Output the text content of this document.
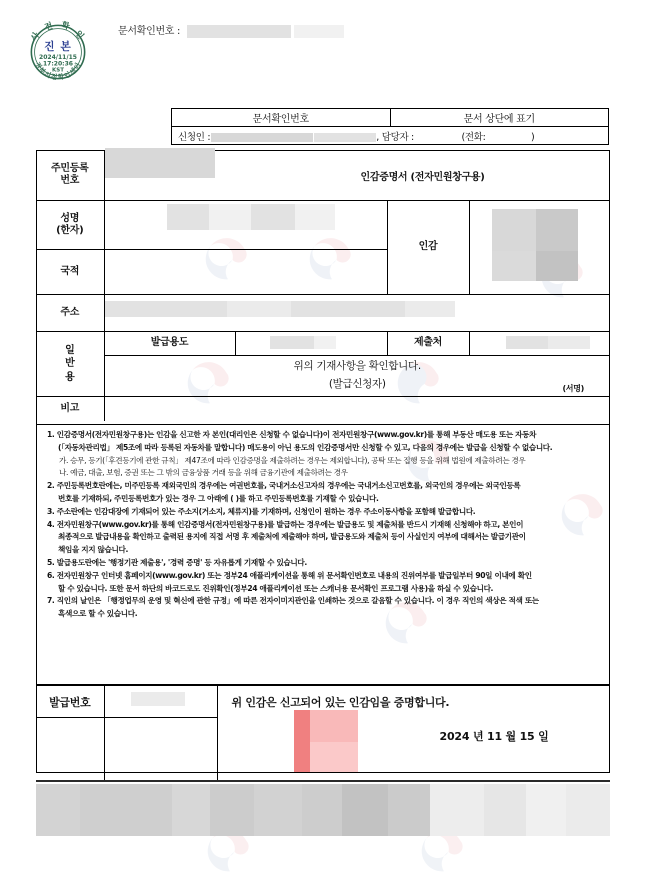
사 전 확 인
진 본
2024/11/15
17:20:36
KST
정부시점확인센터
문서확인번호 :
문서확인번호	문서 상단에 표기
신청인 :	, 담당자 :	(전화:	)
주민등록
번호		인감증명서 (전자민원창구용)		
성명
(한자)			인감	

국적				
주소				

일
반
용	발급용도		제출처	

	위의 기재사항을 확인합니다.
(발급신청자) (서명)			

비고				
1. 인감증명서(전자민원창구용)는 인감을 신고한 자 본인(대리인은 신청할 수 없습니다)이 전자민원창구(www.gov.kr)를 통해 부동산 매도용 또는 자동차
(「자동차관리법」 제5조에 따라 등록된 자동차를 말합니다) 매도용이 아닌 용도의 인감증명서만 신청할 수 있고, 다음의 경우에는 발급을 신청할 수 없습니다.
가. 승무, 등기(「후견등기에 관한 규칙」 제47조에 따라 인감증명을 제출하려는 경우는 제외합니다), 공탁 또는 집행 등을 위해 법원에 제출하려는 경우
나. 예금, 대출, 보험, 증권 또는 그 밖의 금융상품 거래 등을 위해 금융기관에 제출하려는 경우
2. 주민등록번호란에는, 미주민등록 재외국민의 경우에는 여권번호를, 국내거소신고자의 경우에는 국내거소신고번호를, 외국인의 경우에는 외국인등록
번호를 기재하되, 주민등록번호가 있는 경우 그 아래에 ( )를 하고 주민등록번호를 기재할 수 있습니다.
3. 주소란에는 인감대장에 기재되어 있는 주소지(거소지, 체류지)를 기재하며, 신청인이 원하는 경우 주소이동사항을 포함해 발급합니다.
4. 전자민원창구(www.gov.kr)를 통해 인감증명서(전자민원창구용)를 발급하는 경우에는 발급용도 및 제출처를 반드시 기재해 신청해야 하고, 본인이
최종적으로 발급내용을 확인하고 출력된 용지에 직접 서명 후 제출처에 제출해야 하며, 발급용도와 제출처 등이 사실인지 여부에 대해서는 발급기관이
책임을 지지 않습니다.
5. 발급용도란에는 '행정기관 제출용', '경력 증명' 등 자유롭게 기재할 수 있습니다.
6. 전자민원창구 인터넷 홈페이지(www.gov.kr) 또는 정부24 애플리케이션을 통해 위 문서확인번호로 내용의 진위여부를 발급일부터 90일 이내에 확인
할 수 있습니다. 또한 문서 하단의 바코드로도 진위확인(정부24 애플리케이션 또는 스캐너용 문서확인 프로그램 사용)을 하실 수 있습니다.
7. 직인의 날인은 「행정업무의 운영 및 혁신에 관한 규정」에 따른 전자이미지관인을 인쇄하는 것으로 갈음할 수 있습니다. 이 경우 직인의 색상은 적색 또는
흑색으로 할 수 있습니다.
발급번호		위 인감은 신고되어 있는 인감임을 증명합니다.
2024 년 11 월 15 일
